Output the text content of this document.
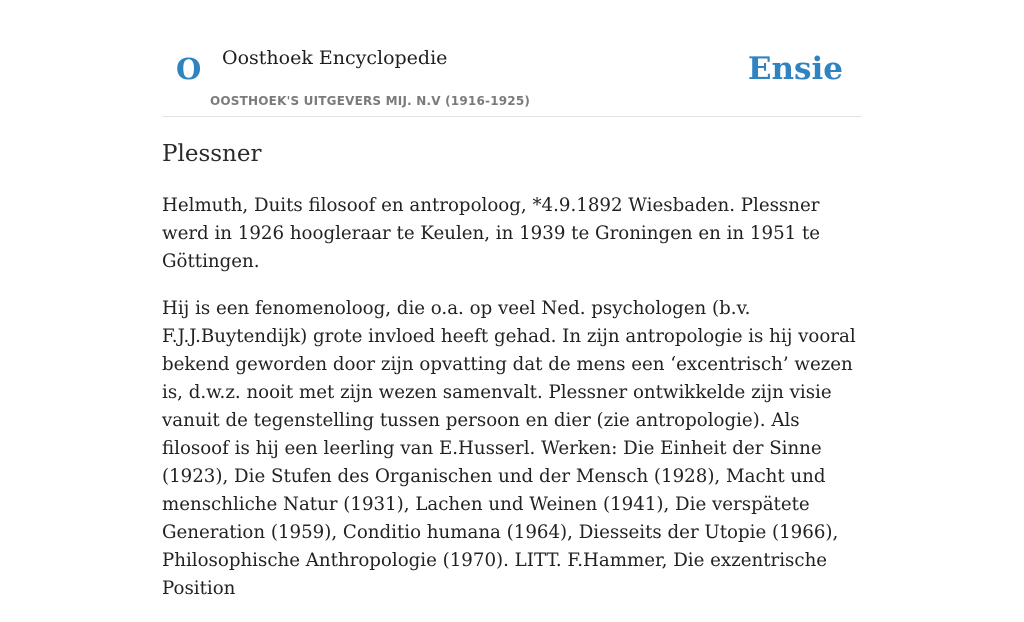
O Oosthoek Encyclopedie
OOSTHOEK'S UITGEVERS MIJ. N.V (1916-1925)
Ensie
Plessner

Helmuth, Duits filosoof en antropoloog, *4.9.1892 Wiesbaden. Plessner werd in 1926 hoogleraar te Keulen, in 1939 te Groningen en in 1951 te Göttingen.

Hij is een fenomenoloog, die o.a. op veel Ned. psychologen (b.v. F.J.J.Buytendijk) grote invloed heeft gehad. In zijn antropologie is hij vooral bekend geworden door zijn opvatting dat de mens een ‘excentrisch’ wezen is, d.w.z. nooit met zijn wezen samenvalt. Plessner ontwikkelde zijn visie vanuit de tegenstelling tussen persoon en dier (zie antropologie). Als filosoof is hij een leerling van E.Husserl. Werken: Die Einheit der Sinne (1923), Die Stufen des Organischen und der Mensch (1928), Macht und menschliche Natur (1931), Lachen und Weinen (1941), Die verspätete Generation (1959), Conditio humana (1964), Diesseits der Utopie (1966), Philosophische Anthropologie (1970). LITT. F.Hammer, Die exzentrische Position
